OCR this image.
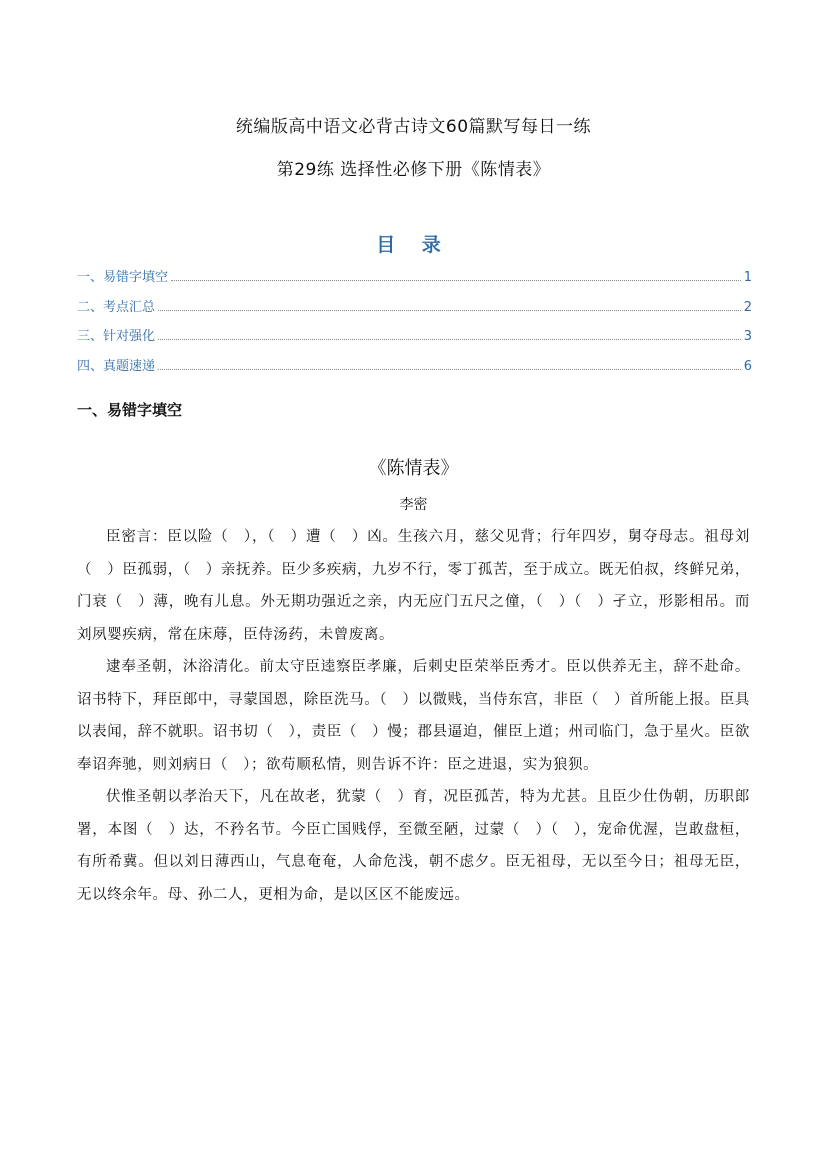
统编版高中语文必背古诗文60篇默写每日一练
第29练 选择性必修下册《陈情表》
目 录
一、易错字填空	1
二、考点汇总	2
三、针对强化	3
四、真题速递	6
一、易错字填空
《陈情表》
李密

臣密言：臣以险（　），（　）遭（　）凶。生孩六月，慈父见背；行年四岁，舅夺母志。祖母刘（　）臣孤弱，（　）亲抚养。臣少多疾病，九岁不行，零丁孤苦，至于成立。既无伯叔，终鲜兄弟，门衰（　）薄，晚有儿息。外无期功强近之亲，内无应门五尺之僮，（　）（　）孑立，形影相吊。而刘夙婴疾病，常在床蓐，臣侍汤药，未曾废离。

逮奉圣朝，沐浴清化。前太守臣逵察臣孝廉，后刺史臣荣举臣秀才。臣以供养无主，辞不赴命。诏书特下，拜臣郎中，寻蒙国恩，除臣洗马。（　）以微贱，当侍东宫，非臣（　）首所能上报。臣具以表闻，辞不就职。诏书切（　），责臣（　）慢；郡县逼迫，催臣上道；州司临门，急于星火。臣欲奉诏奔驰，则刘病日（　）；欲苟顺私情，则告诉不许：臣之进退，实为狼狈。

伏惟圣朝以孝治天下，凡在故老，犹蒙（　）育，况臣孤苦，特为尤甚。且臣少仕伪朝，历职郎署，本图（　）达，不矜名节。今臣亡国贱俘，至微至陋，过蒙（　）（　），宠命优渥，岂敢盘桓，有所希冀。但以刘日薄西山，气息奄奄，人命危浅，朝不虑夕。臣无祖母，无以至今日；祖母无臣，无以终余年。母、孙二人，更相为命，是以区区不能废远。
